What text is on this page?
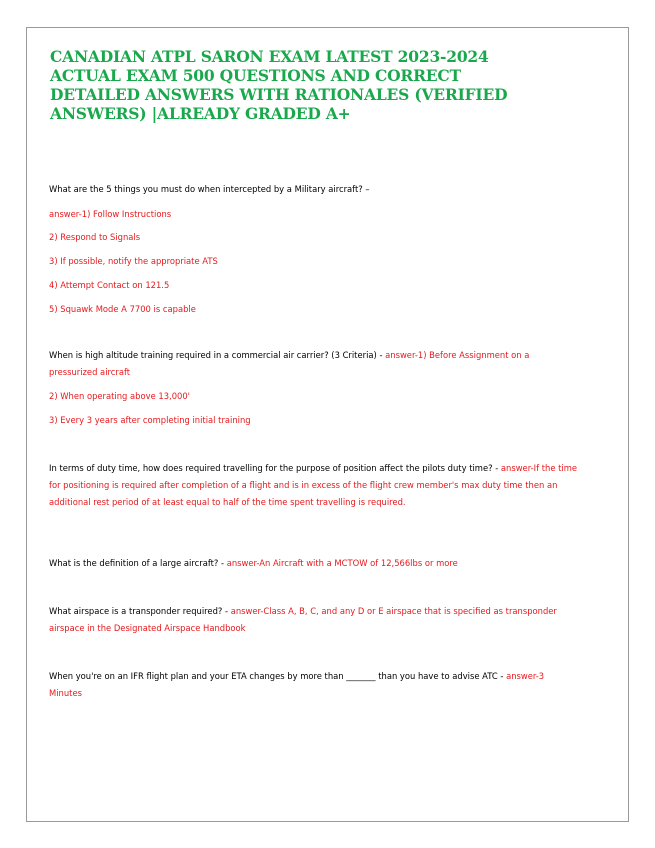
CANADIAN ATPL SARON EXAM LATEST 2023-2024
ACTUAL EXAM 500 QUESTIONS AND CORRECT
DETAILED ANSWERS WITH RATIONALES (VERIFIED
ANSWERS) |ALREADY GRADED A+
What are the 5 things you must do when intercepted by a Military aircraft? –
answer-1) Follow Instructions
2) Respond to Signals
3) If possible, notify the appropriate ATS
4) Attempt Contact on 121.5
5) Squawk Mode A 7700 is capable
When is high altitude training required in a commercial air carrier? (3 Criteria) - answer-1) Before Assignment on a pressurized aircraft
2) When operating above 13,000'
3) Every 3 years after completing initial training
In terms of duty time, how does required travelling for the purpose of position affect the pilots duty time? - answer-If the time for positioning is required after completion of a flight and is in excess of the flight crew member's max duty time then an additional rest period of at least equal to half of the time spent travelling is required.
What is the definition of a large aircraft? - answer-An Aircraft with a MCTOW of 12,566lbs or more
What airspace is a transponder required? - answer-Class A, B, C, and any D or E airspace that is specified as transponder airspace in the Designated Airspace Handbook
When you're on an IFR flight plan and your ETA changes by more than _______ than you have to advise ATC - answer-3 Minutes
